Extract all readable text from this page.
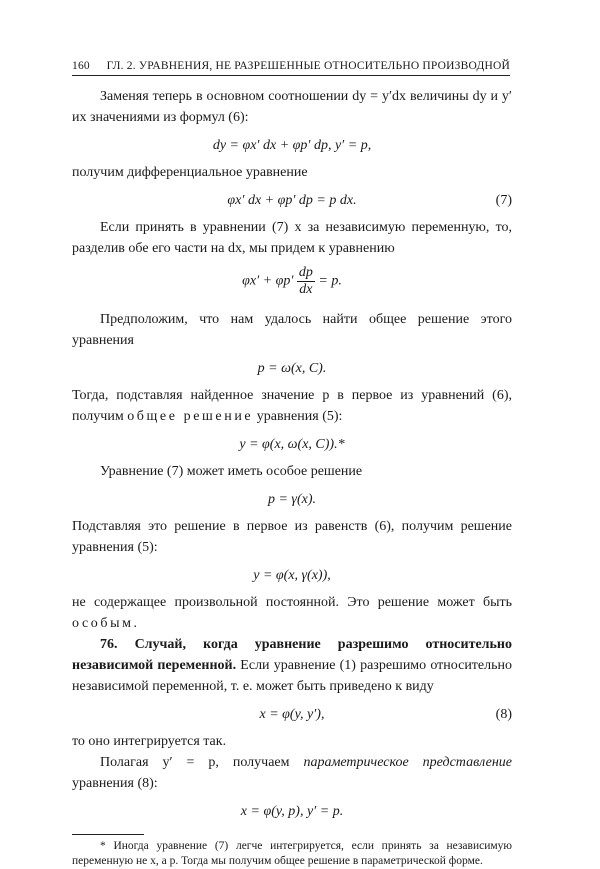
160	ГЛ. 2. УРАВНЕНИЯ, НЕ РАЗРЕШЕННЫЕ ОТНОСИТЕЛЬНО ПРОИЗВОДНОЙ

Заменяя теперь в основном соотношении dy = y′dx величины dy и y′ их значениями из формул (6):

dy = φx′ dx + φp′ dp, y′ = p,

получим дифференциальное уравнение

φx′ dx + φp′ dp = p dx.	(7)

Если принять в уравнении (7) x за независимую переменную, то, разделив обе его части на dx, мы придем к уравнению

$\varphi x' + \varphi p' \frac{dp}{dx} = p$.

Предположим, что нам удалось найти общее решение этого уравнения

p = ω(x, C).

Тогда, подставляя найденное значение p в первое из уравнений (6), получим общее решение уравнения (5):

y = φ(x, ω(x, C)).*

Уравнение (7) может иметь особое решение

p = γ(x).

Подставляя это решение в первое из равенств (6), получим решение уравнения (5):

y = φ(x, γ(x)),

не содержащее произвольной постоянной. Это решение может быть особым.

76. Случай, когда уравнение разрешимо относительно независимой переменной. Если уравнение (1) разрешимо относительно независимой переменной, т. е. может быть приведено к виду

x = φ(y, y′),	(8)

то оно интегрируется так.

Полагая y′ = p, получаем параметрическое представление уравнения (8):

x = φ(y, p), y′ = p.

* Иногда уравнение (7) легче интегрируется, если принять за независимую переменную не x, а p. Тогда мы получим общее решение в параметрической форме.
